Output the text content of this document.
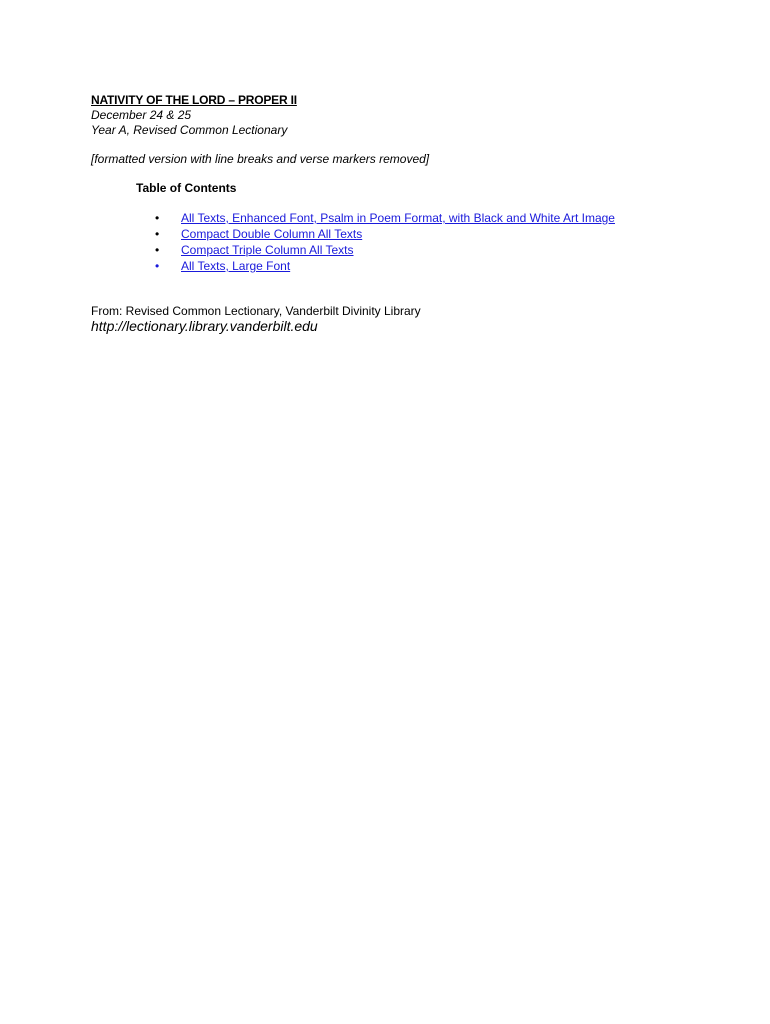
NATIVITY OF THE LORD – PROPER II
December 24 & 25
Year A, Revised Common Lectionary
[formatted version with line breaks and verse markers removed]
Table of Contents
•	All Texts, Enhanced Font, Psalm in Poem Format, with Black and White Art Image
•	Compact Double Column All Texts
•	Compact Triple Column All Texts
•	All Texts, Large Font
From: Revised Common Lectionary, Vanderbilt Divinity Library
http://lectionary.library.vanderbilt.edu
